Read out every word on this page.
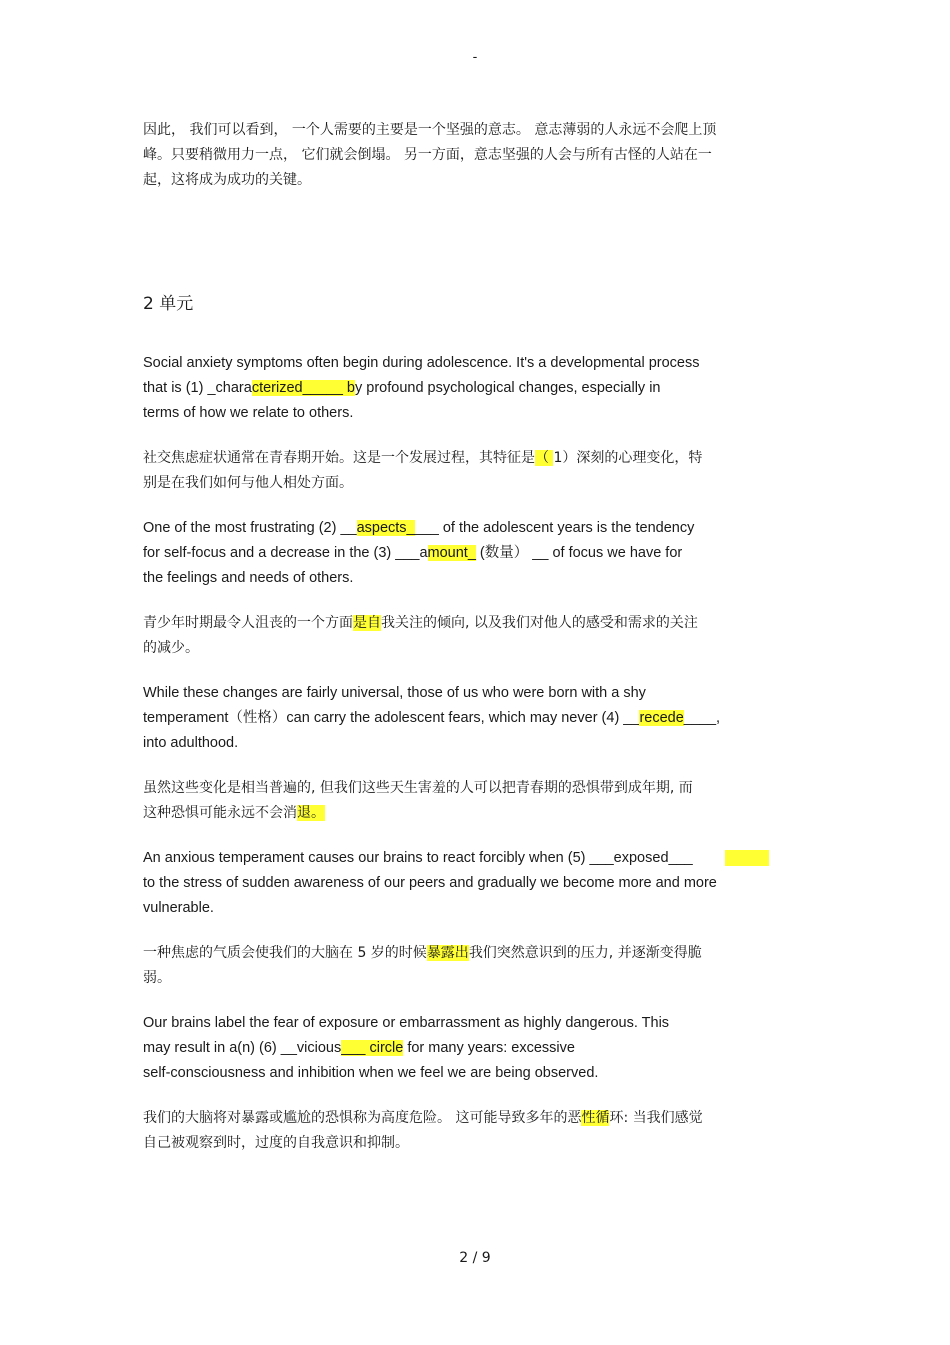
-

因此， 我们可以看到， 一个人需要的主要是一个坚强的意志。 意志薄弱的人永远不会爬上顶
峰。只要稍微用力一点， 它们就会倒塌。 另一方面，意志坚强的人会与所有古怪的人站在一
起，这将成为成功的关键。

2 单元

Social anxiety symptoms often begin during adolescence. It's a developmental process
that is (1) _characterized_____ by profound psychological changes, especially in
terms of how we relate to others.

社交焦虑症状通常在青春期开始。这是一个发展过程，其特征是（ 1）深刻的心理变化，特
别是在我们如何与他人相处方面。

One of the most frustrating (2) __aspects____ of the adolescent years is the tendency
for self-focus and a decrease in the (3) ___amount_ (数量） __ of focus we have for
the feelings and needs of others.

青少年时期最令人沮丧的一个方面是自我关注的倾向, 以及我们对他人的感受和需求的关注
的减少。

While these changes are fairly universal, those of us who were born with a shy
temperament（性格）can carry the adolescent fears, which may never (4) __recede____,
into adulthood.

虽然这些变化是相当普遍的, 但我们这些天生害羞的人可以把青春期的恐惧带到成年期, 而
这种恐惧可能永远不会消退。

An anxious temperament causes our brains to react forcibly when (5) ___exposed___
to the stress of sudden awareness of our peers and gradually we become more and more
vulnerable.

一种焦虑的气质会使我们的大脑在 5 岁的时候暴露出我们突然意识到的压力, 并逐渐变得脆
弱。

Our brains label the fear of exposure or embarrassment as highly dangerous. This
may result in a(n) (6) __vicious___ circle for many years: excessive
self-consciousness and inhibition when we feel we are being observed.

我们的大脑将对暴露或尴尬的恐惧称为高度危险。 这可能导致多年的恶性循环: 当我们感觉
自己被观察到时，过度的自我意识和抑制。

2 / 9
